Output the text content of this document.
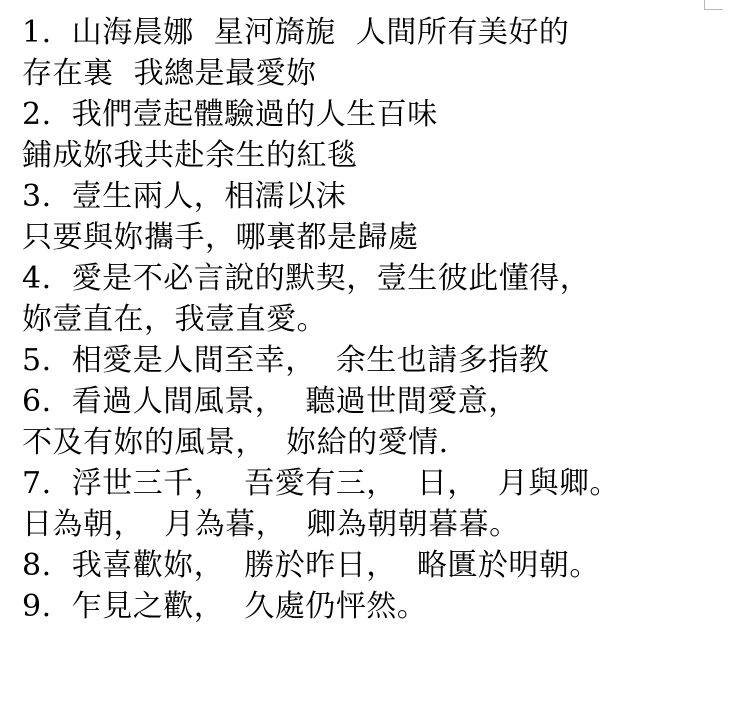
1.  山海晨娜  星河旖旎  人間所有美好的
存在裏  我總是最愛妳
2.  我們壹起體驗過的人生百味
鋪成妳我共赴余生的紅毯
3.  壹生兩人，相濡以沫
只要與妳攜手，哪裏都是歸處
4.  愛是不必言說的默契，壹生彼此懂得，
妳壹直在，我壹直愛。
5.  相愛是人間至幸，  余生也請多指教
6.  看過人間風景，  聽過世間愛意，
不及有妳的風景，  妳給的愛情.
7.  浮世三千，  吾愛有三，  日，  月與卿。
日為朝，  月為暮，  卿為朝朝暮暮。
8.  我喜歡妳，  勝於昨日，  略匱於明朝。
9.  乍見之歡，  久處仍怦然。
